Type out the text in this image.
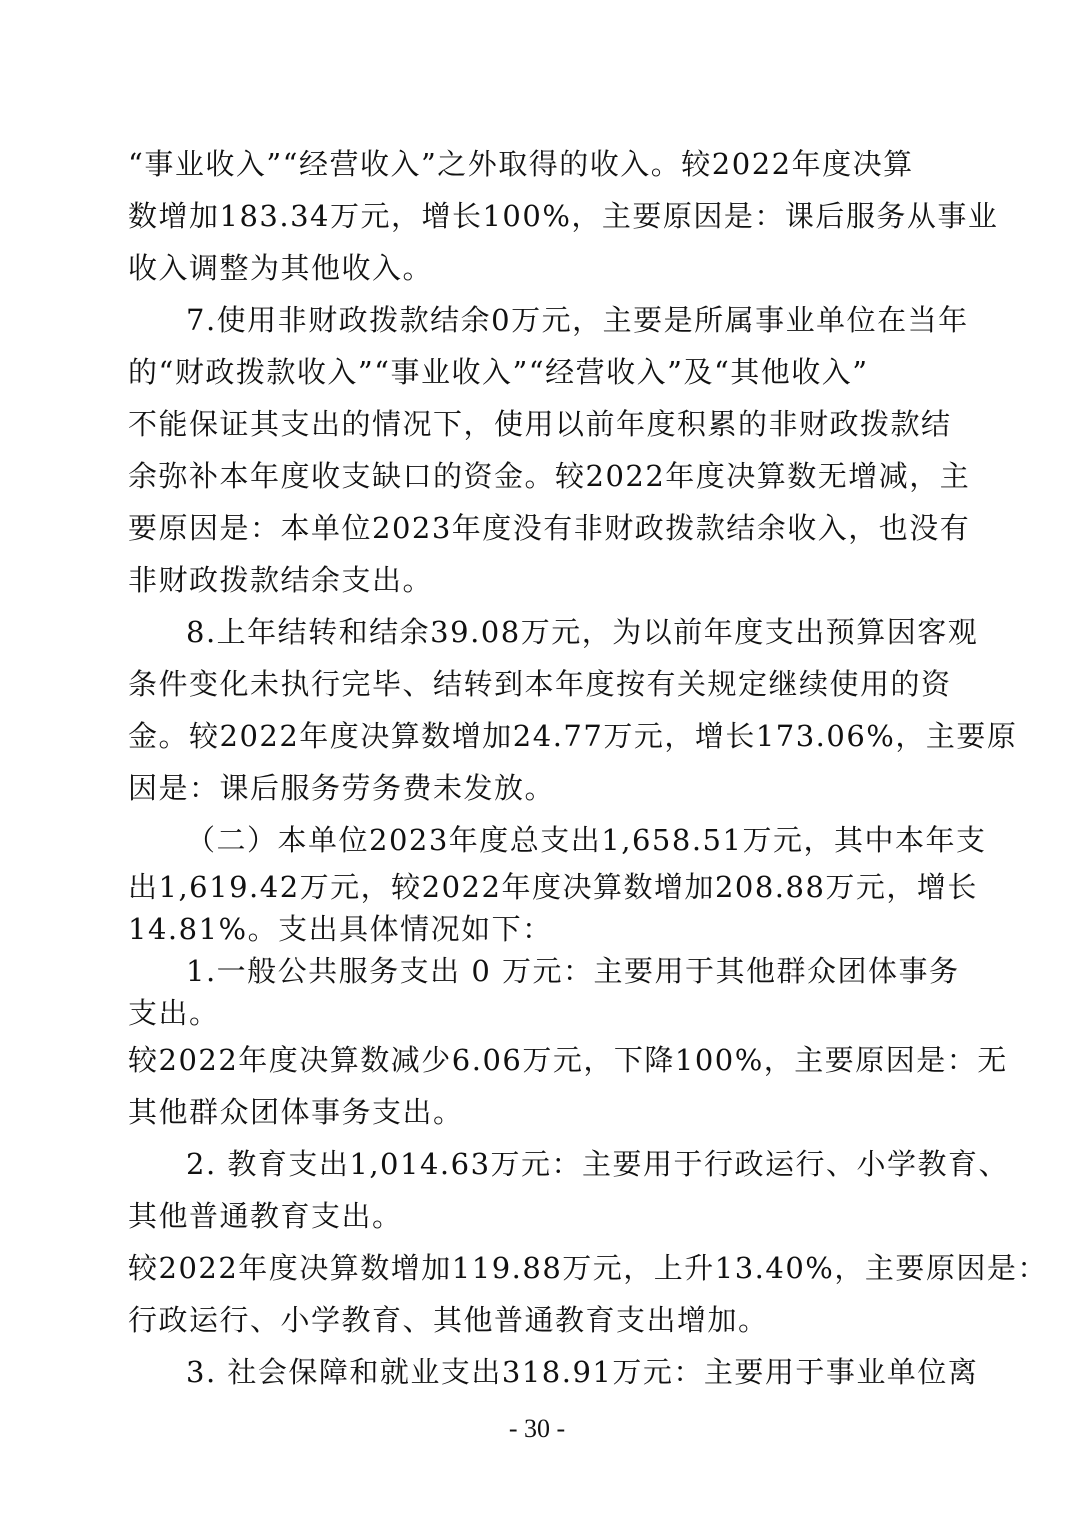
“事业收入”“经营收入”之外取得的收入。较2022年度决算
数增加183.34万元，增长100%，主要原因是：课后服务从事业
收入调整为其他收入。
7.使用非财政拨款结余0万元，主要是所属事业单位在当年
的“财政拨款收入”“事业收入”“经营收入”及“其他收入”
不能保证其支出的情况下，使用以前年度积累的非财政拨款结
余弥补本年度收支缺口的资金。较2022年度决算数无增减，主
要原因是：本单位2023年度没有非财政拨款结余收入，也没有
非财政拨款结余支出。
8.上年结转和结余39.08万元，为以前年度支出预算因客观
条件变化未执行完毕、结转到本年度按有关规定继续使用的资
金。较2022年度决算数增加24.77万元，增长173.06%，主要原
因是：课后服务劳务费未发放。
（二）本单位2023年度总支出1,658.51万元，其中本年支
出1,619.42万元，较2022年度决算数增加208.88万元，增长
14.81%。支出具体情况如下：
1.一般公共服务支出 0 万元：主要用于其他群众团体事务
支出。
较2022年度决算数减少6.06万元，下降100%，主要原因是：无
其他群众团体事务支出。
2. 教育支出1,014.63万元：主要用于行政运行、小学教育、
其他普通教育支出。
较2022年度决算数增加119.88万元，上升13.40%，主要原因是：
行政运行、小学教育、其他普通教育支出增加。
3. 社会保障和就业支出318.91万元：主要用于事业单位离
- 30 -
